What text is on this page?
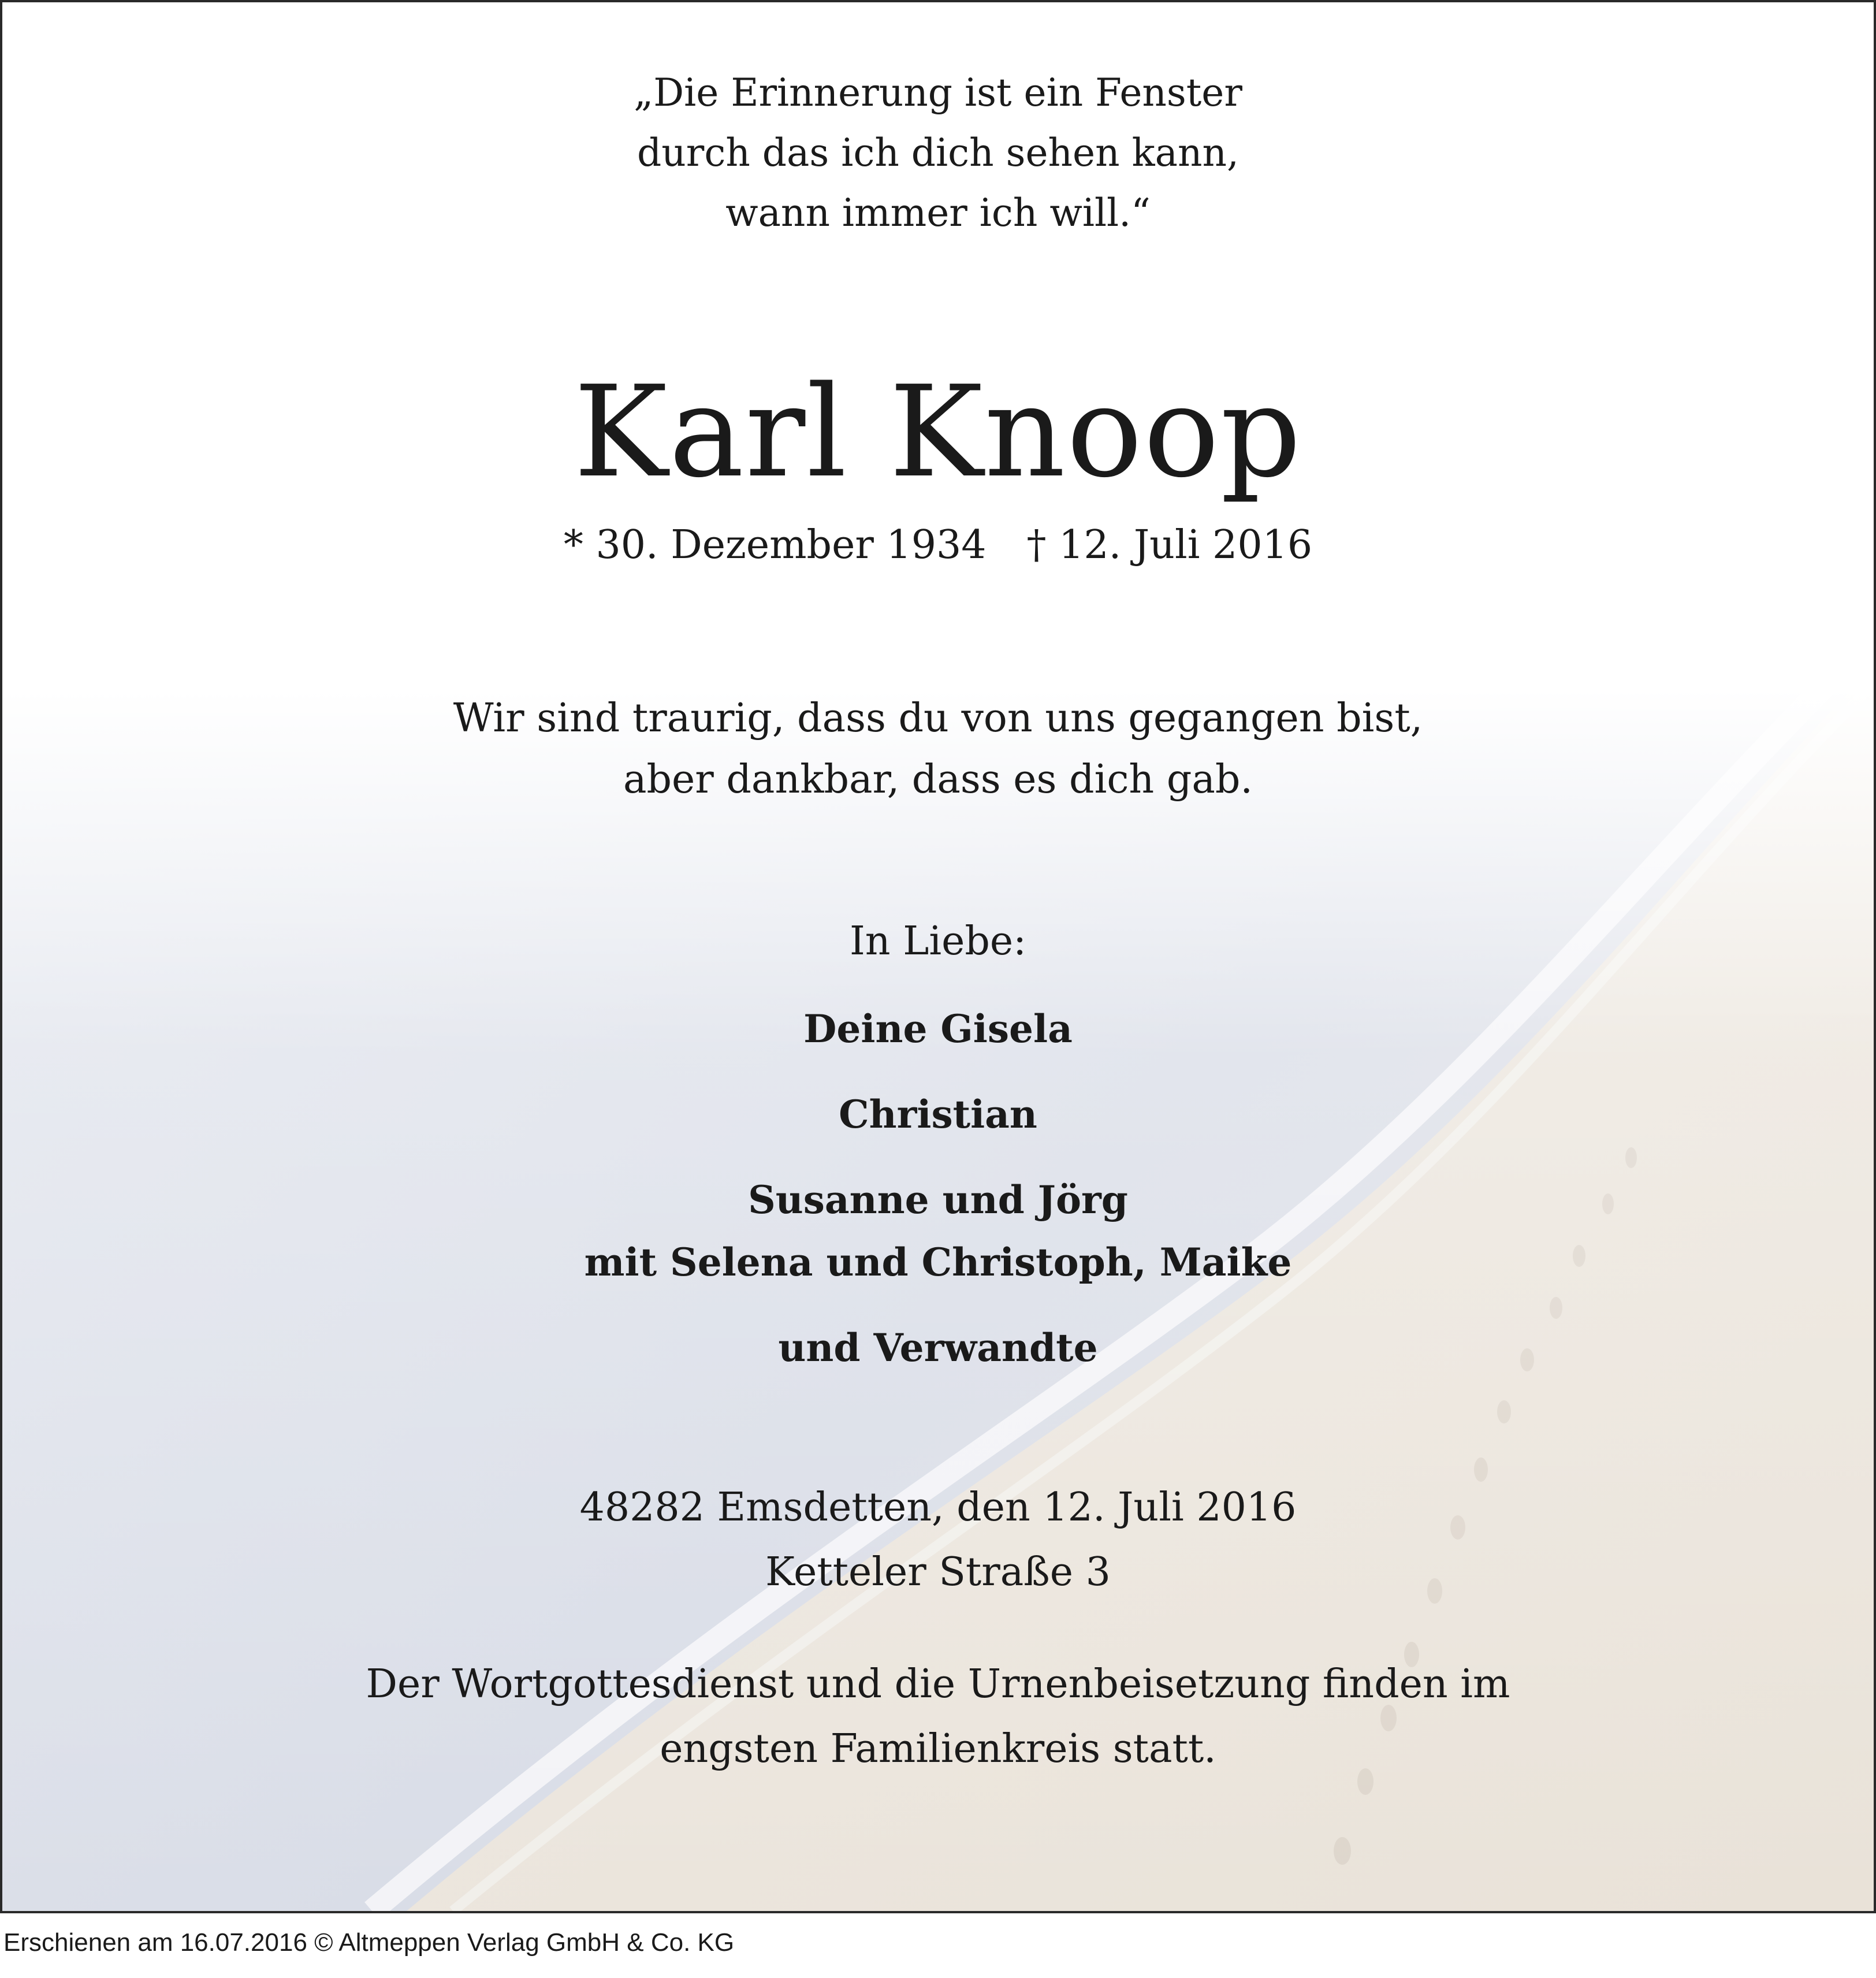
„Die Erinnerung ist ein Fenster
durch das ich dich sehen kann,
wann immer ich will.“
Karl Knoop
* 30. Dezember 1934 † 12. Juli 2016
Wir sind traurig, dass du von uns gegangen bist,
aber dankbar, dass es dich gab.
In Liebe:
Deine Gisela
Christian
Susanne und Jörg
mit Selena und Christoph, Maike
und Verwandte
48282 Emsdetten, den 12. Juli 2016
Ketteler Straße 3
Der Wortgottesdienst und die Urnenbeisetzung finden im
engsten Familienkreis statt.
Erschienen am 16.07.2016 © Altmeppen Verlag GmbH & Co. KG
